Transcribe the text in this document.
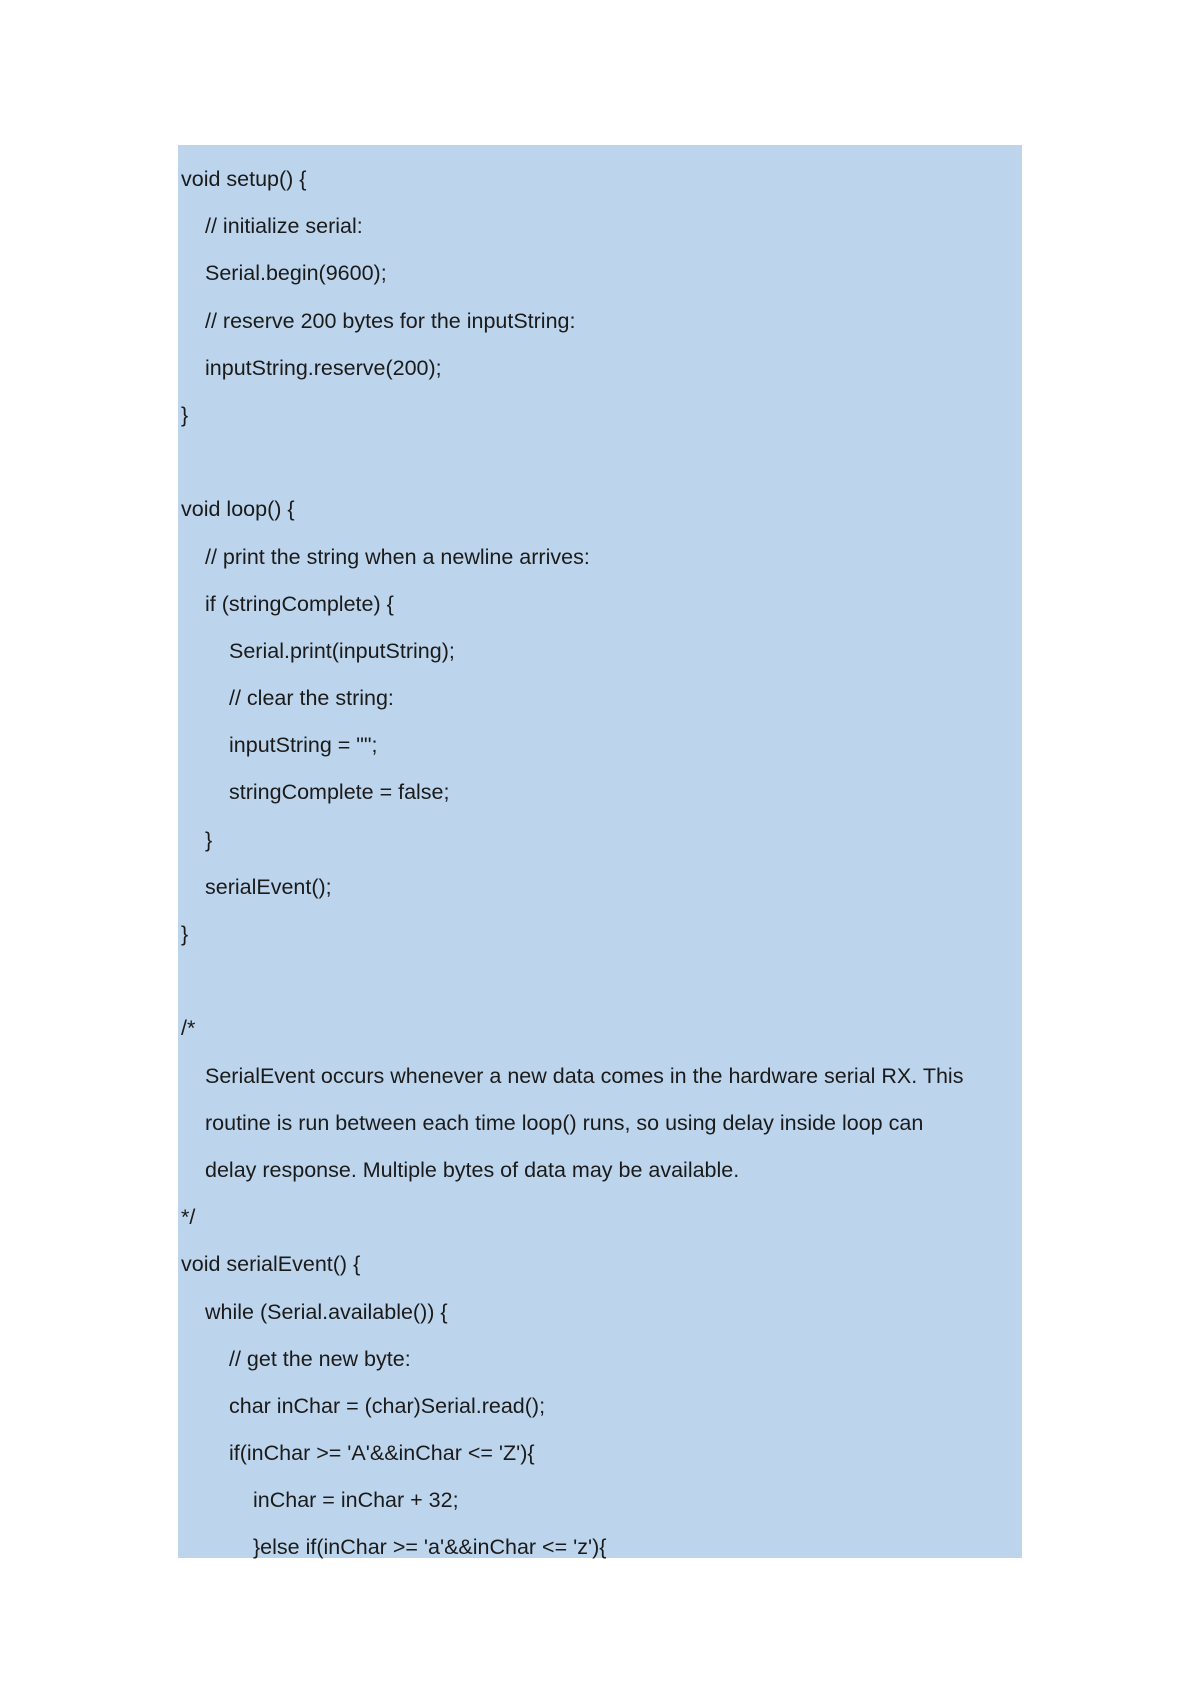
void setup() {
// initialize serial:
Serial.begin(9600);
// reserve 200 bytes for the inputString:
inputString.reserve(200);
}
void loop() {
// print the string when a newline arrives:
if (stringComplete) {
Serial.print(inputString);
// clear the string:
inputString = "";
stringComplete = false;
}
serialEvent();
}
/*
SerialEvent occurs whenever a new data comes in the hardware serial RX. This
routine is run between each time loop() runs, so using delay inside loop can
delay response. Multiple bytes of data may be available.
*/
void serialEvent() {
while (Serial.available()) {
// get the new byte:
char inChar = (char)Serial.read();
if(inChar >= 'A'&&inChar <= 'Z'){
inChar = inChar + 32;
}else if(inChar >= 'a'&&inChar <= 'z'){
